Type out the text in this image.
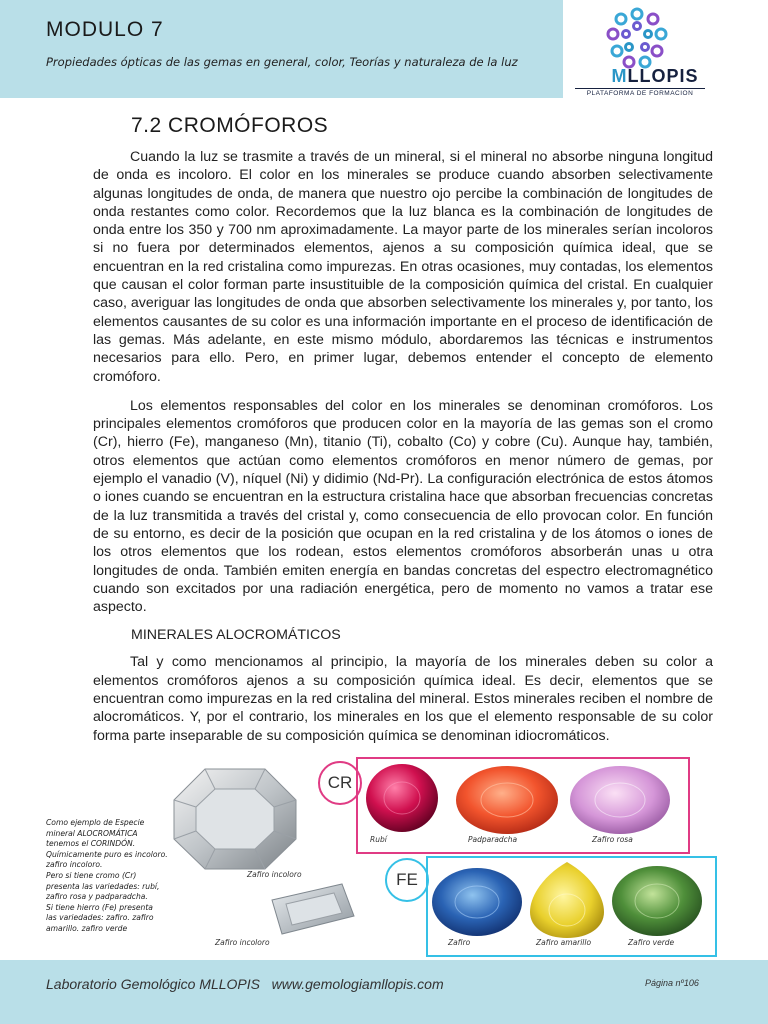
MODULO 7
Propiedades ópticas de las gemas en general, color, Teorías y naturaleza de la luz
MLLOPIS
PLATAFORMA DE FORMACION
7.2 CROMÓFOROS

Cuando la luz se trasmite a través de un mineral, si el mineral no absorbe ninguna longitud de onda es incoloro. El color en los minerales se produce cuando absorben selectivamente algunas longitudes de onda, de manera que nuestro ojo percibe la combinación de longitudes de onda restantes como color. Recordemos que la luz blanca es la combinación de longitudes de onda entre los 350 y 700 nm aproximadamente. La mayor parte de los minerales serían incoloros si no fuera por determinados elementos, ajenos a su composición química ideal, que se encuentran en la red cristalina como impurezas. En otras ocasiones, muy contadas, los elementos que causan el color forman parte insustituible de la composición química del cristal. En cualquier caso, averiguar las longitudes de onda que absorben selectivamente los minerales y, por tanto, los elementos causantes de su color es una información importante en el proceso de identificación de las gemas. Más adelante, en este mismo módulo, abordaremos las técnicas e instrumentos necesarios para ello. Pero, en primer lugar, debemos entender el concepto de elemento cromóforo.

Los elementos responsables del color en los minerales se denominan cromóforos. Los principales elementos cromóforos que producen color en la mayoría de las gemas son el cromo (Cr), hierro (Fe), manganeso (Mn), titanio (Ti), cobalto (Co) y cobre (Cu). Aunque hay, también, otros elementos que actúan como elementos cromóforos en menor número de gemas, por ejemplo el vanadio (V), níquel (Ni) y didimio (Nd-Pr). La configuración electrónica de estos átomos o iones cuando se encuentran en la estructura cristalina hace que absorban frecuencias concretas de la luz transmitida a través del cristal y, como consecuencia de ello provocan color. En función de su entorno, es decir de la posición que ocupan en la red cristalina y de los átomos o iones de los otros elementos que los rodean, estos elementos cromóforos absorberán unas u otra longitudes de onda. También emiten energía en bandas concretas del espectro electromagnético cuando son excitados por una radiación energética, pero de momento no vamos a tratar ese aspecto.

MINERALES ALOCROMÁTICOS

Tal y como mencionamos al principio, la mayoría de los minerales deben su color a elementos cromóforos ajenos a su composición química ideal. Es decir, elementos que se encuentran como impurezas en la red cristalina del mineral. Estos minerales reciben el nombre de alocromáticos. Y, por el contrario, los minerales en los que el elemento responsable de su color forma parte inseparable de su composición química se denominan idiocromáticos.

Como ejemplo de Especie
mineral ALOCROMÁTICA
tenemos el CORINDÓN.
Químicamente puro es incoloro.
zafiro incoloro.
Pero si tiene cromo (Cr)
presenta las variedades: rubí,
zafiro rosa y padparadcha.
Si tiene hierro (Fe) presenta
las variedades: zafiro. zafiro
amarillo. zafiro verde
Zafiro incoloro
Zafiro incoloro
CR
Rubí	Padparadcha	Zafiro rosa
FE
Zafiro	Zafiro amarillo	Zafiro verde
Laboratorio Gemológico MLLOPIS www.gemologiamllopis.com	Página nº106
